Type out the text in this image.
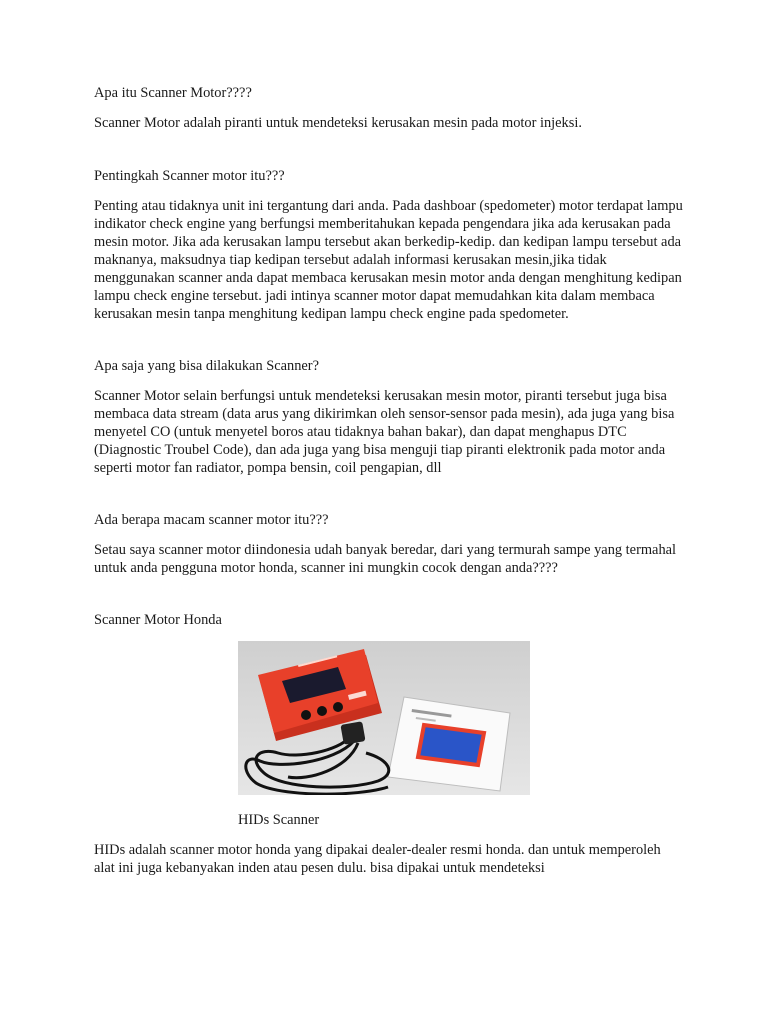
Apa itu Scanner Motor????

Scanner Motor adalah piranti untuk mendeteksi kerusakan mesin pada motor injeksi.

Pentingkah Scanner motor itu???

Penting atau tidaknya unit ini tergantung dari anda. Pada dashboar (spedometer) motor terdapat lampu indikator check engine yang berfungsi memberitahukan kepada pengendara jika ada kerusakan pada mesin motor. Jika ada kerusakan lampu tersebut akan berkedip-kedip. dan kedipan lampu tersebut ada maknanya, maksudnya tiap kedipan tersebut adalah informasi kerusakan mesin,jika tidak menggunakan scanner anda dapat membaca kerusakan mesin motor anda dengan menghitung kedipan lampu check engine tersebut. jadi intinya scanner motor dapat memudahkan kita dalam membaca kerusakan mesin tanpa menghitung kedipan lampu check engine pada spedometer.

Apa saja yang bisa dilakukan Scanner?

Scanner Motor selain berfungsi untuk mendeteksi kerusakan mesin motor, piranti tersebut juga bisa membaca data stream (data arus yang dikirimkan oleh sensor-sensor pada mesin), ada juga yang bisa menyetel CO (untuk menyetel boros atau tidaknya bahan bakar), dan dapat menghapus DTC (Diagnostic Troubel Code), dan ada juga yang bisa menguji tiap piranti elektronik pada motor anda seperti motor fan radiator, pompa bensin, coil pengapian, dll

Ada berapa macam scanner motor itu???

Setau saya scanner motor diindonesia udah banyak beredar, dari yang termurah sampe yang termahal untuk anda pengguna motor honda, scanner ini mungkin cocok dengan anda????

Scanner Motor Honda

HIDs Scanner

HIDs adalah scanner motor honda yang dipakai dealer-dealer resmi honda. dan untuk memperoleh alat ini juga kebanyakan inden atau pesen dulu. bisa dipakai untuk mendeteksi
